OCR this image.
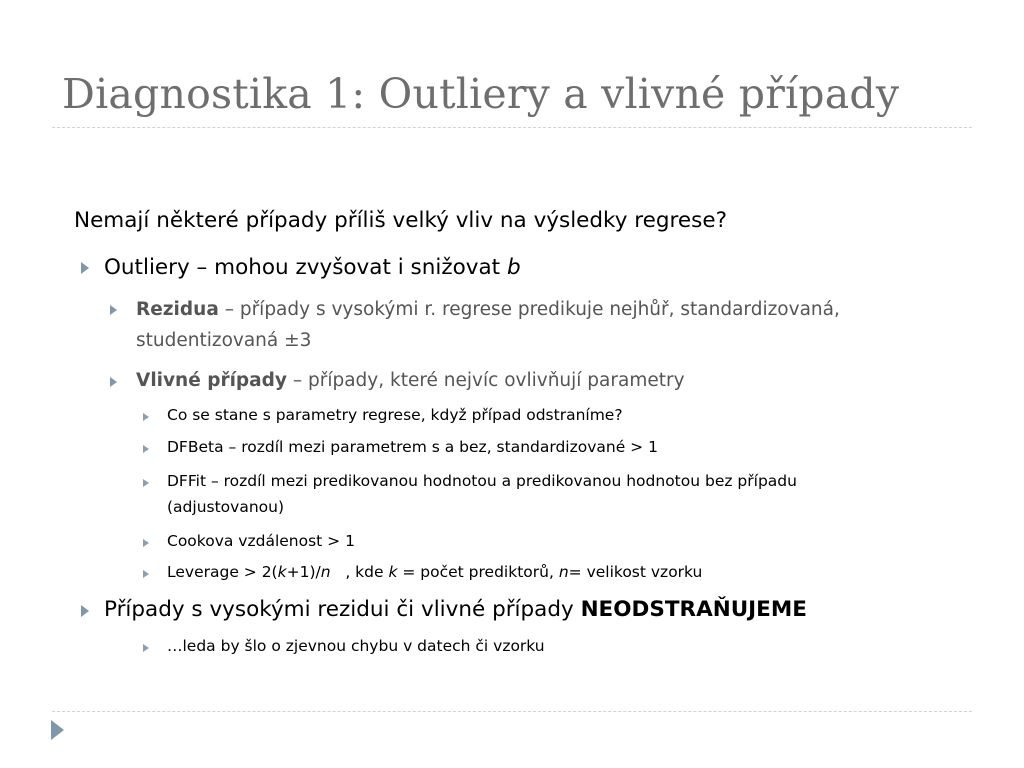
Diagnostika 1: Outliery a vlivné případy
Nemají některé případy příliš velký vliv na výsledky regrese?
Outliery – mohou zvyšovat i snižovat b
Rezidua – případy s vysokými r. regrese predikuje nejhůř, standardizovaná,
studentizovaná ±3
Vlivné případy – případy, které nejvíc ovlivňují parametry
Co se stane s parametry regrese, když případ odstraníme?
DFBeta – rozdíl mezi parametrem s a bez, standardizované > 1
DFFit – rozdíl mezi predikovanou hodnotou a predikovanou hodnotou bez případu
(adjustovanou)
Cookova vzdálenost > 1
Leverage > 2(k+1)/n   , kde k = počet prediktorů, n= velikost vzorku
Případy s vysokými rezidui či vlivné případy NEODSTRAŇUJEME
…leda by šlo o zjevnou chybu v datech či vzorku
